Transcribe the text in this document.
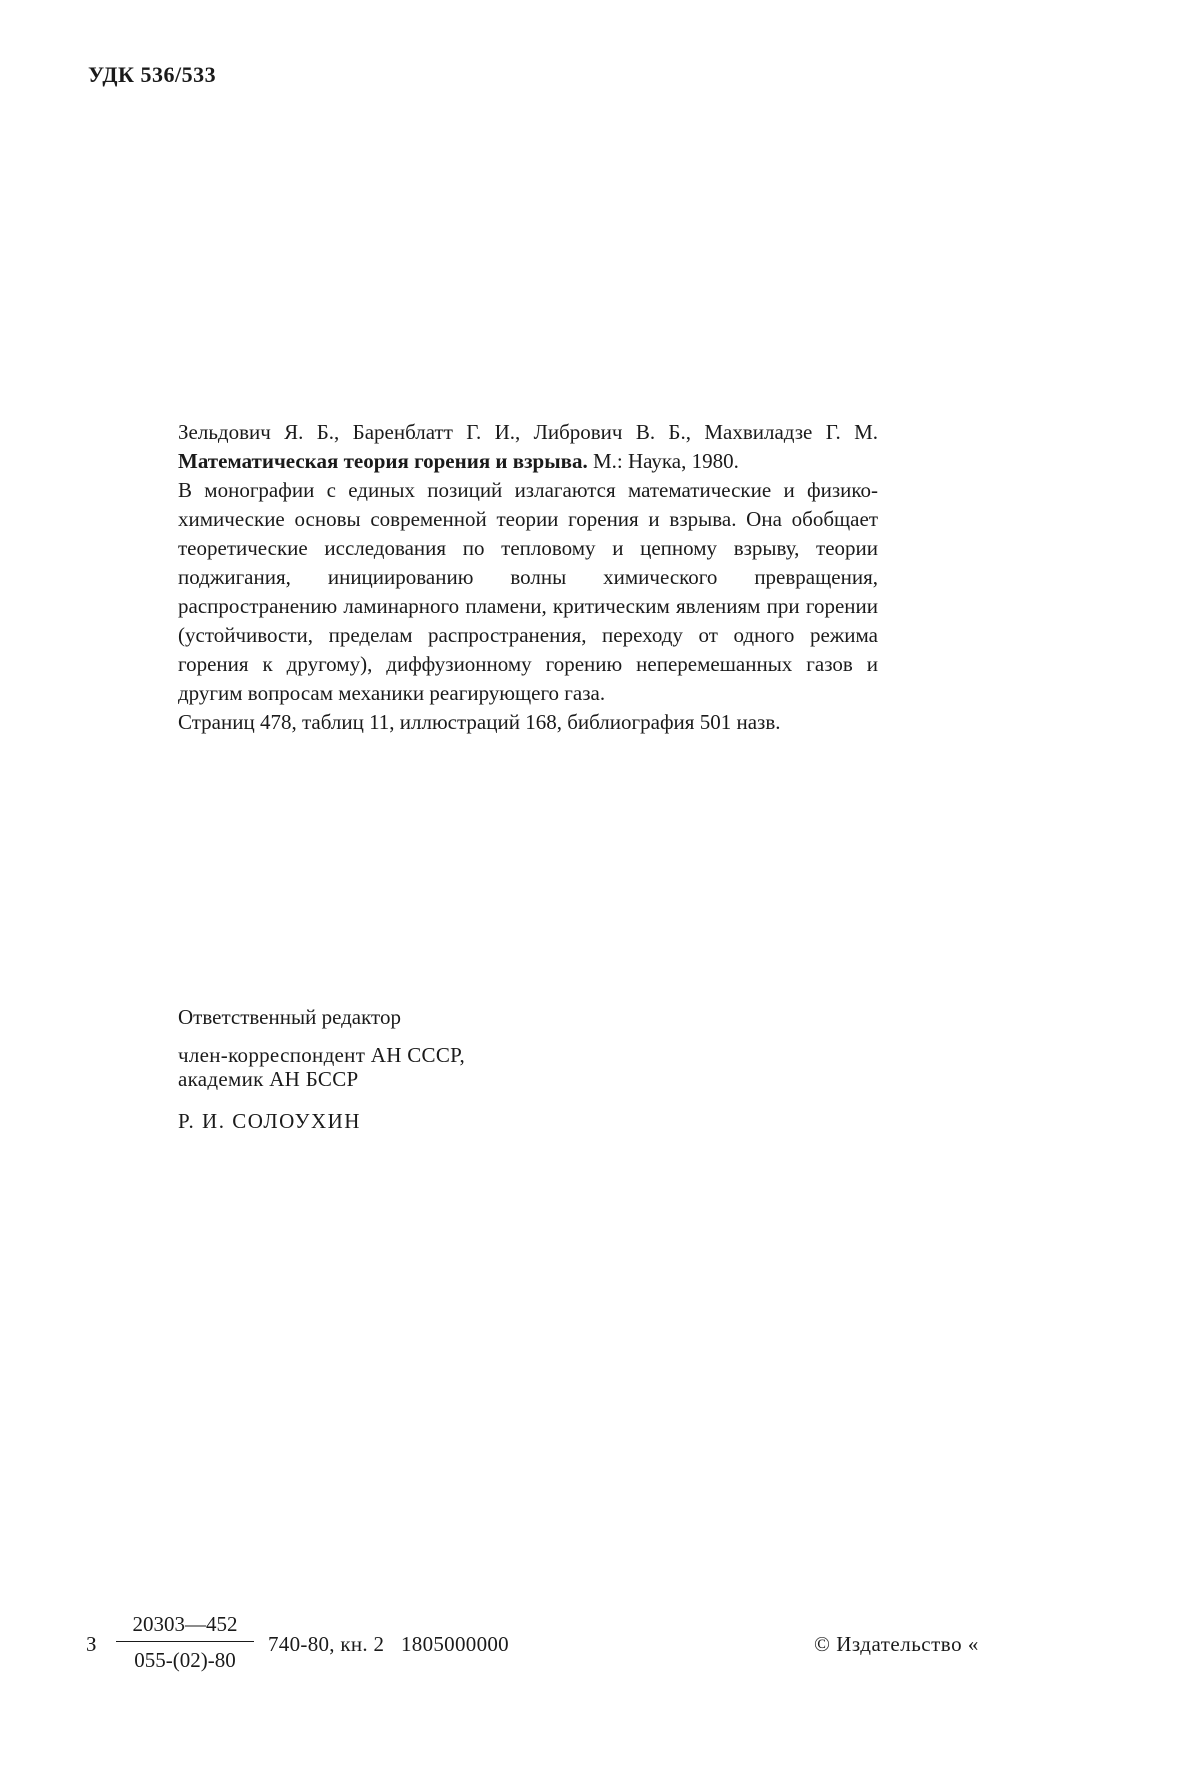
УДК 536/533

Зельдович Я. Б., Баренблатт Г. И., Либрович В. Б., Махвиладзе Г. М. Математическая теория горения и взрыва. М.: Наука, 1980.

В монографии с единых позиций излагаются математические и физико-химические основы современной теории горения и взрыва. Она обобщает теоретические исследования по тепловому и цепному взрыву, теории поджигания, инициированию волны химического превращения, распространению ламинарного пламени, критическим явлениям при горении (устойчивости, пределам распространения, переходу от одного режима горения к другому), диффузионному горению неперемешанных газов и другим вопросам механики реагирующего газа.

Страниц 478, таблиц 11, иллюстраций 168, библиография 501 назв.

Ответственный редактор
член-корреспондент АН СССР,
академик АН БССР
Р. И. СОЛОУХИН
З $\frac{20303—452}{055-(02)-80} 740-80$, кн. 2   1805000000	© Издательство «
